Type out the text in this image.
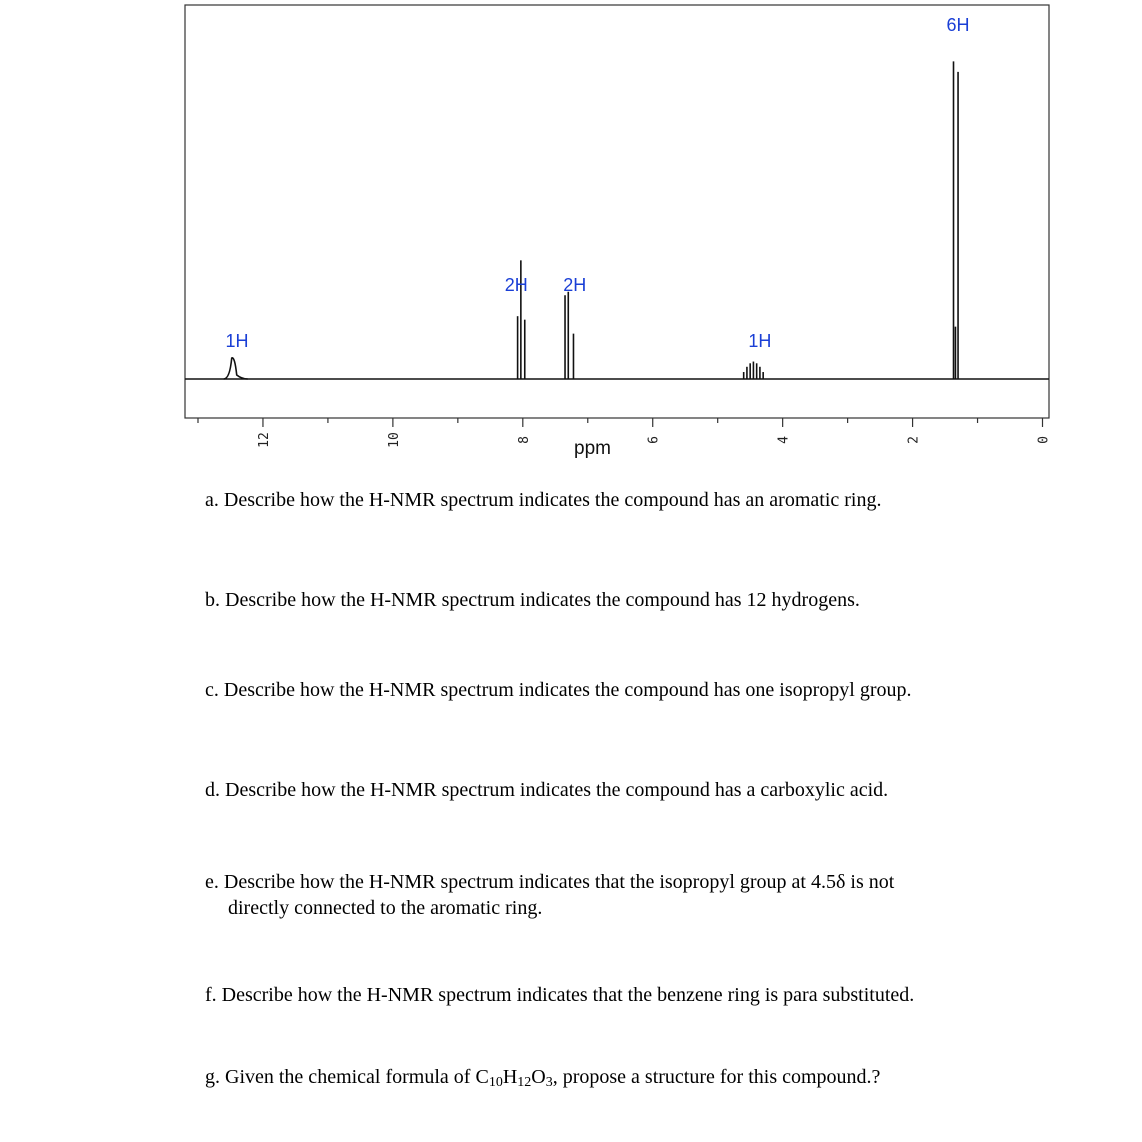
12	10	8	6	4	2	0
1H
2H 2H
1H
6H
ppm
a. Describe how the H-NMR spectrum indicates the compound has an aromatic ring.
b. Describe how the H-NMR spectrum indicates the compound has 12 hydrogens.
c. Describe how the H-NMR spectrum indicates the compound has one isopropyl group.
d. Describe how the H-NMR spectrum indicates the compound has a carboxylic acid.
e. Describe how the H-NMR spectrum indicates that the isopropyl group at 4.5δ is not
directly connected to the aromatic ring.
f. Describe how the H-NMR spectrum indicates that the benzene ring is para substituted.
g. Given the chemical formula of $C_{10}H_{12}O_3$, propose a structure for this compound.?
